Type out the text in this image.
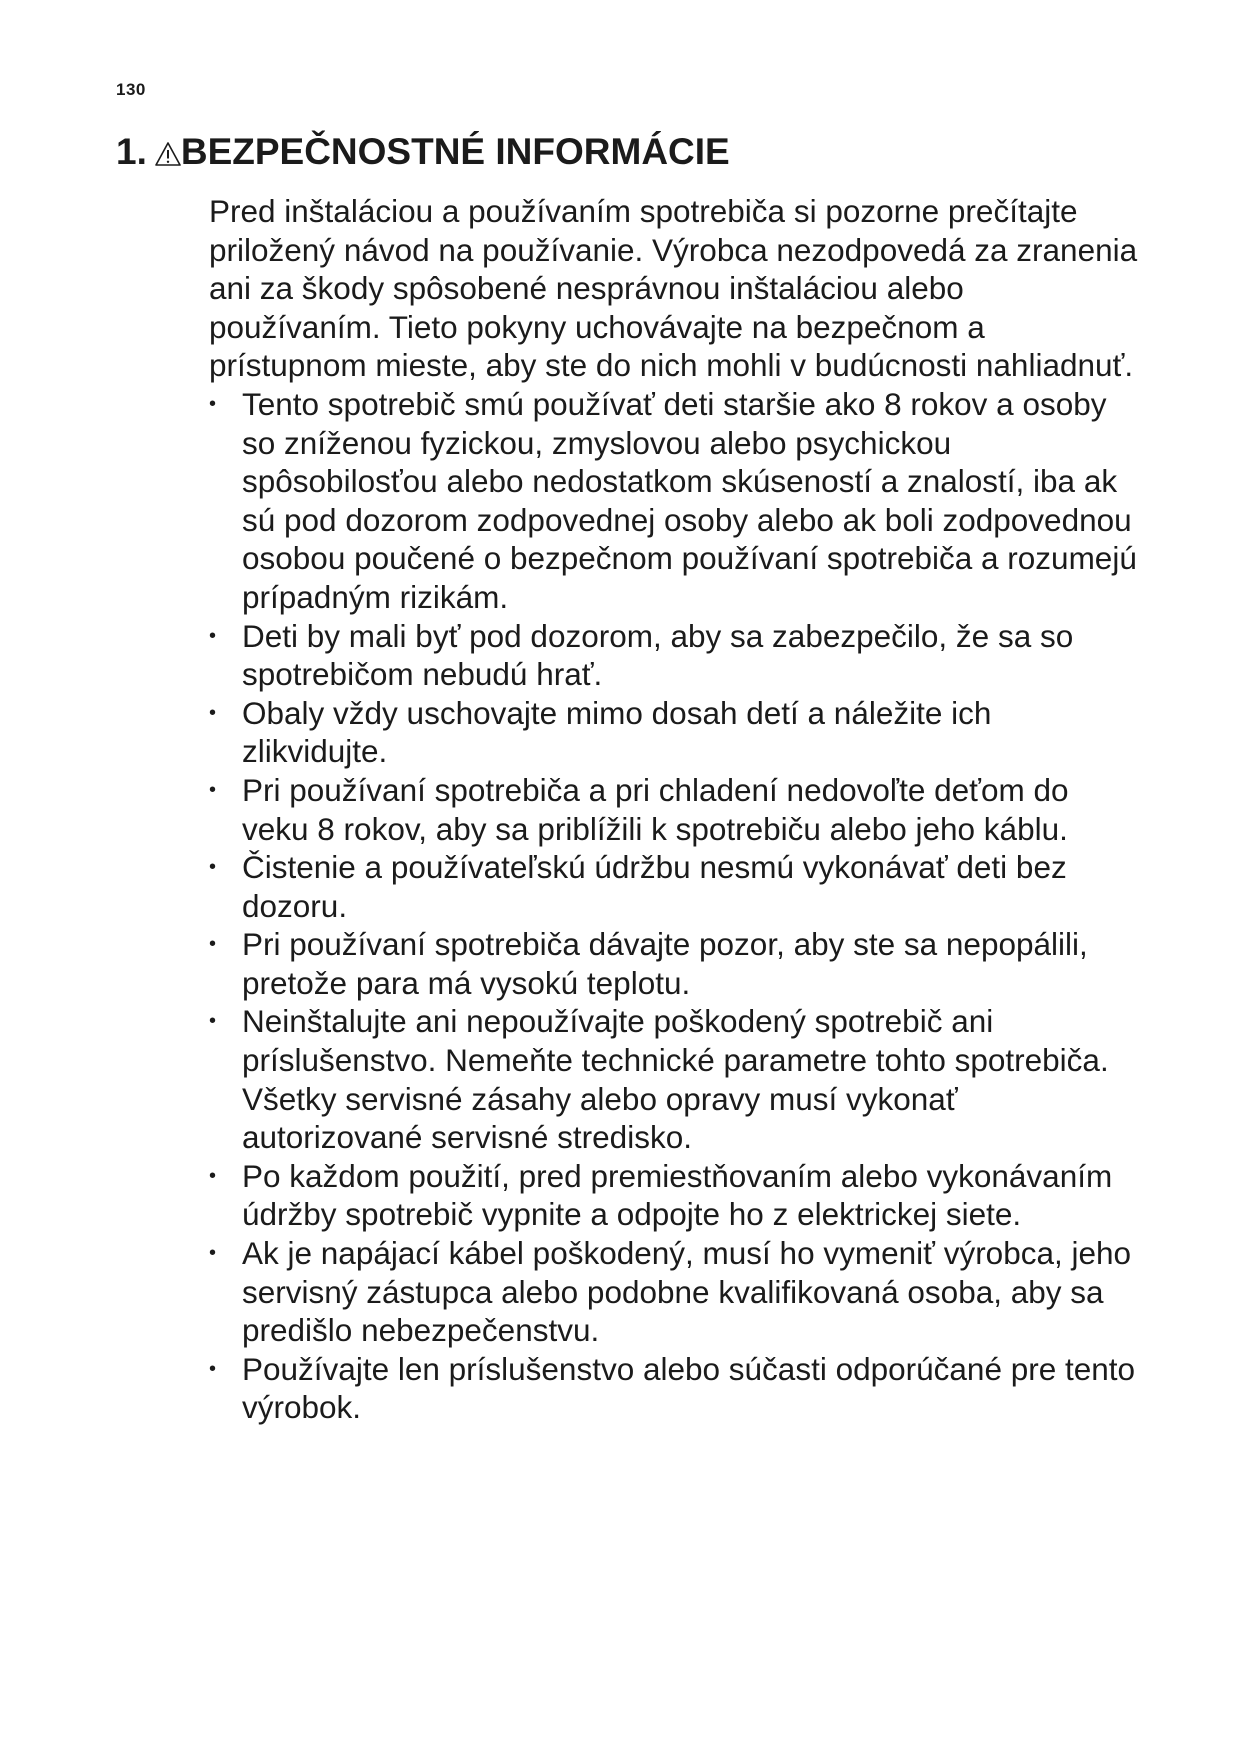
130
1. BEZPEČNOSTNÉ INFORMÁCIE

Pred inštaláciou a používaním spotrebiča si pozorne prečítajte priložený návod na používanie. Výrobca nezodpovedá za zranenia ani za škody spôsobené nesprávnou inštaláciou alebo používaním. Tieto pokyny uchovávajte na bezpečnom a prístupnom mieste, aby ste do nich mohli v budúcnosti nahliadnuť.

• Tento spotrebič smú používať deti staršie ako 8 rokov a osoby so zníženou fyzickou, zmyslovou alebo psychickou spôsobilosťou alebo nedostatkom skúseností a znalostí, iba ak sú pod dozorom zodpovednej osoby alebo ak boli zodpovednou osobou poučené o bezpečnom používaní spotrebiča a rozumejú prípadným rizikám.
• Deti by mali byť pod dozorom, aby sa zabezpečilo, že sa so spotrebičom nebudú hrať.
• Obaly vždy uschovajte mimo dosah detí a náležite ich zlikvidujte.
• Pri používaní spotrebiča a pri chladení nedovoľte deťom do veku 8 rokov, aby sa priblížili k spotrebiču alebo jeho káblu.
• Čistenie a používateľskú údržbu nesmú vykonávať deti bez dozoru.
• Pri používaní spotrebiča dávajte pozor, aby ste sa nepopálili, pretože para má vysokú teplotu.
• Neinštalujte ani nepoužívajte poškodený spotrebič ani príslušenstvo. Nemeňte technické parametre tohto spotrebiča. Všetky servisné zásahy alebo opravy musí vykonať autorizované servisné stredisko.
• Po každom použití, pred premiestňovaním alebo vykonávaním údržby spotrebič vypnite a odpojte ho z elektrickej siete.
• Ak je napájací kábel poškodený, musí ho vymeniť výrobca, jeho servisný zástupca alebo podobne kvalifikovaná osoba, aby sa predišlo nebezpečenstvu.
• Používajte len príslušenstvo alebo súčasti odporúčané pre tento výrobok.
